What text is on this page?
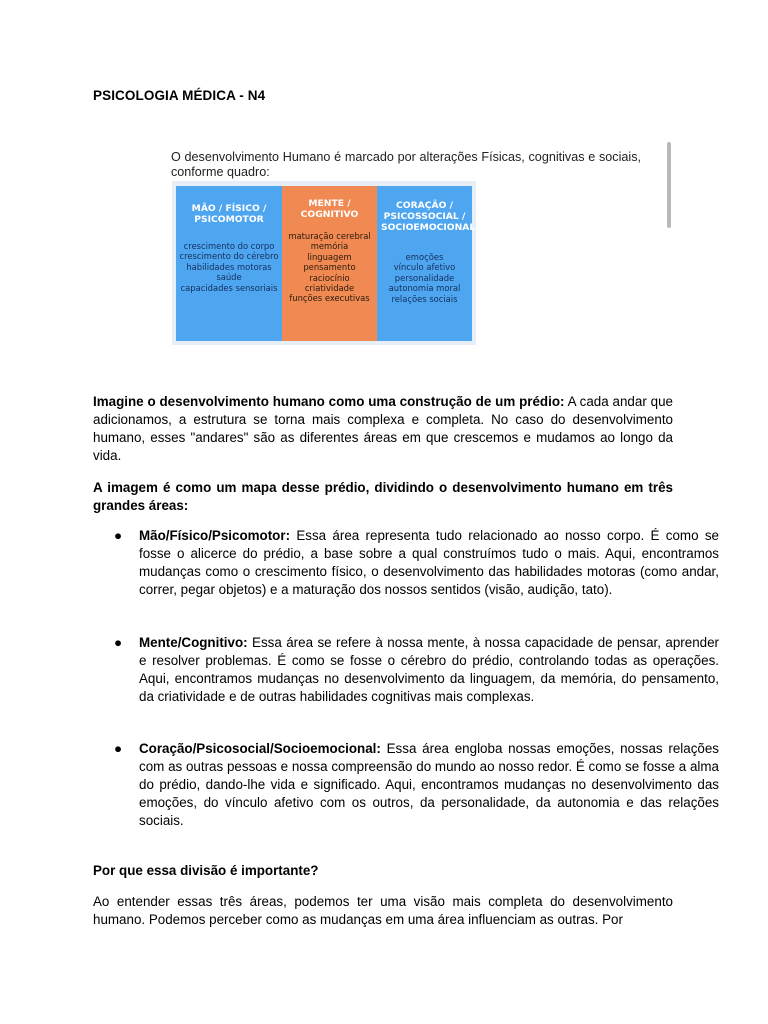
PSICOLOGIA MÉDICA - N4
O desenvolvimento Humano é marcado por alterações Físicas, cognitivas e sociais, conforme quadro:
MÃO / FÍSICO /
PSICOMOTOR
crescimento do corpo
crescimento do cérebro
habilidades motoras
saúde
capacidades sensoriais
MENTE /
COGNITIVO
maturação cerebral
memória
linguagem
pensamento
raciocínio
criatividade
funções executivas
CORAÇÃO /
PSICOSSOCIAL /
SOCIOEMOCIONAL
emoções
vínculo afetivo
personalidade
autonomia moral
relações sociais

Imagine o desenvolvimento humano como uma construção de um prédio: A cada andar que adicionamos, a estrutura se torna mais complexa e completa. No caso do desenvolvimento humano, esses "andares" são as diferentes áreas em que crescemos e mudamos ao longo da vida.

A imagem é como um mapa desse prédio, dividindo o desenvolvimento humano em três grandes áreas:

● Mão/Físico/Psicomotor: Essa área representa tudo relacionado ao nosso corpo. É como se fosse o alicerce do prédio, a base sobre a qual construímos tudo o mais. Aqui, encontramos mudanças como o crescimento físico, o desenvolvimento das habilidades motoras (como andar, correr, pegar objetos) e a maturação dos nossos sentidos (visão, audição, tato).
● Mente/Cognitivo: Essa área se refere à nossa mente, à nossa capacidade de pensar, aprender e resolver problemas. É como se fosse o cérebro do prédio, controlando todas as operações. Aqui, encontramos mudanças no desenvolvimento da linguagem, da memória, do pensamento, da criatividade e de outras habilidades cognitivas mais complexas.
● Coração/Psicosocial/Socioemocional: Essa área engloba nossas emoções, nossas relações com as outras pessoas e nossa compreensão do mundo ao nosso redor. É como se fosse a alma do prédio, dando-lhe vida e significado. Aqui, encontramos mudanças no desenvolvimento das emoções, do vínculo afetivo com os outros, da personalidade, da autonomia e das relações sociais.

Por que essa divisão é importante?

Ao entender essas três áreas, podemos ter uma visão mais completa do desenvolvimento humano. Podemos perceber como as mudanças em uma área influenciam as outras. Por
